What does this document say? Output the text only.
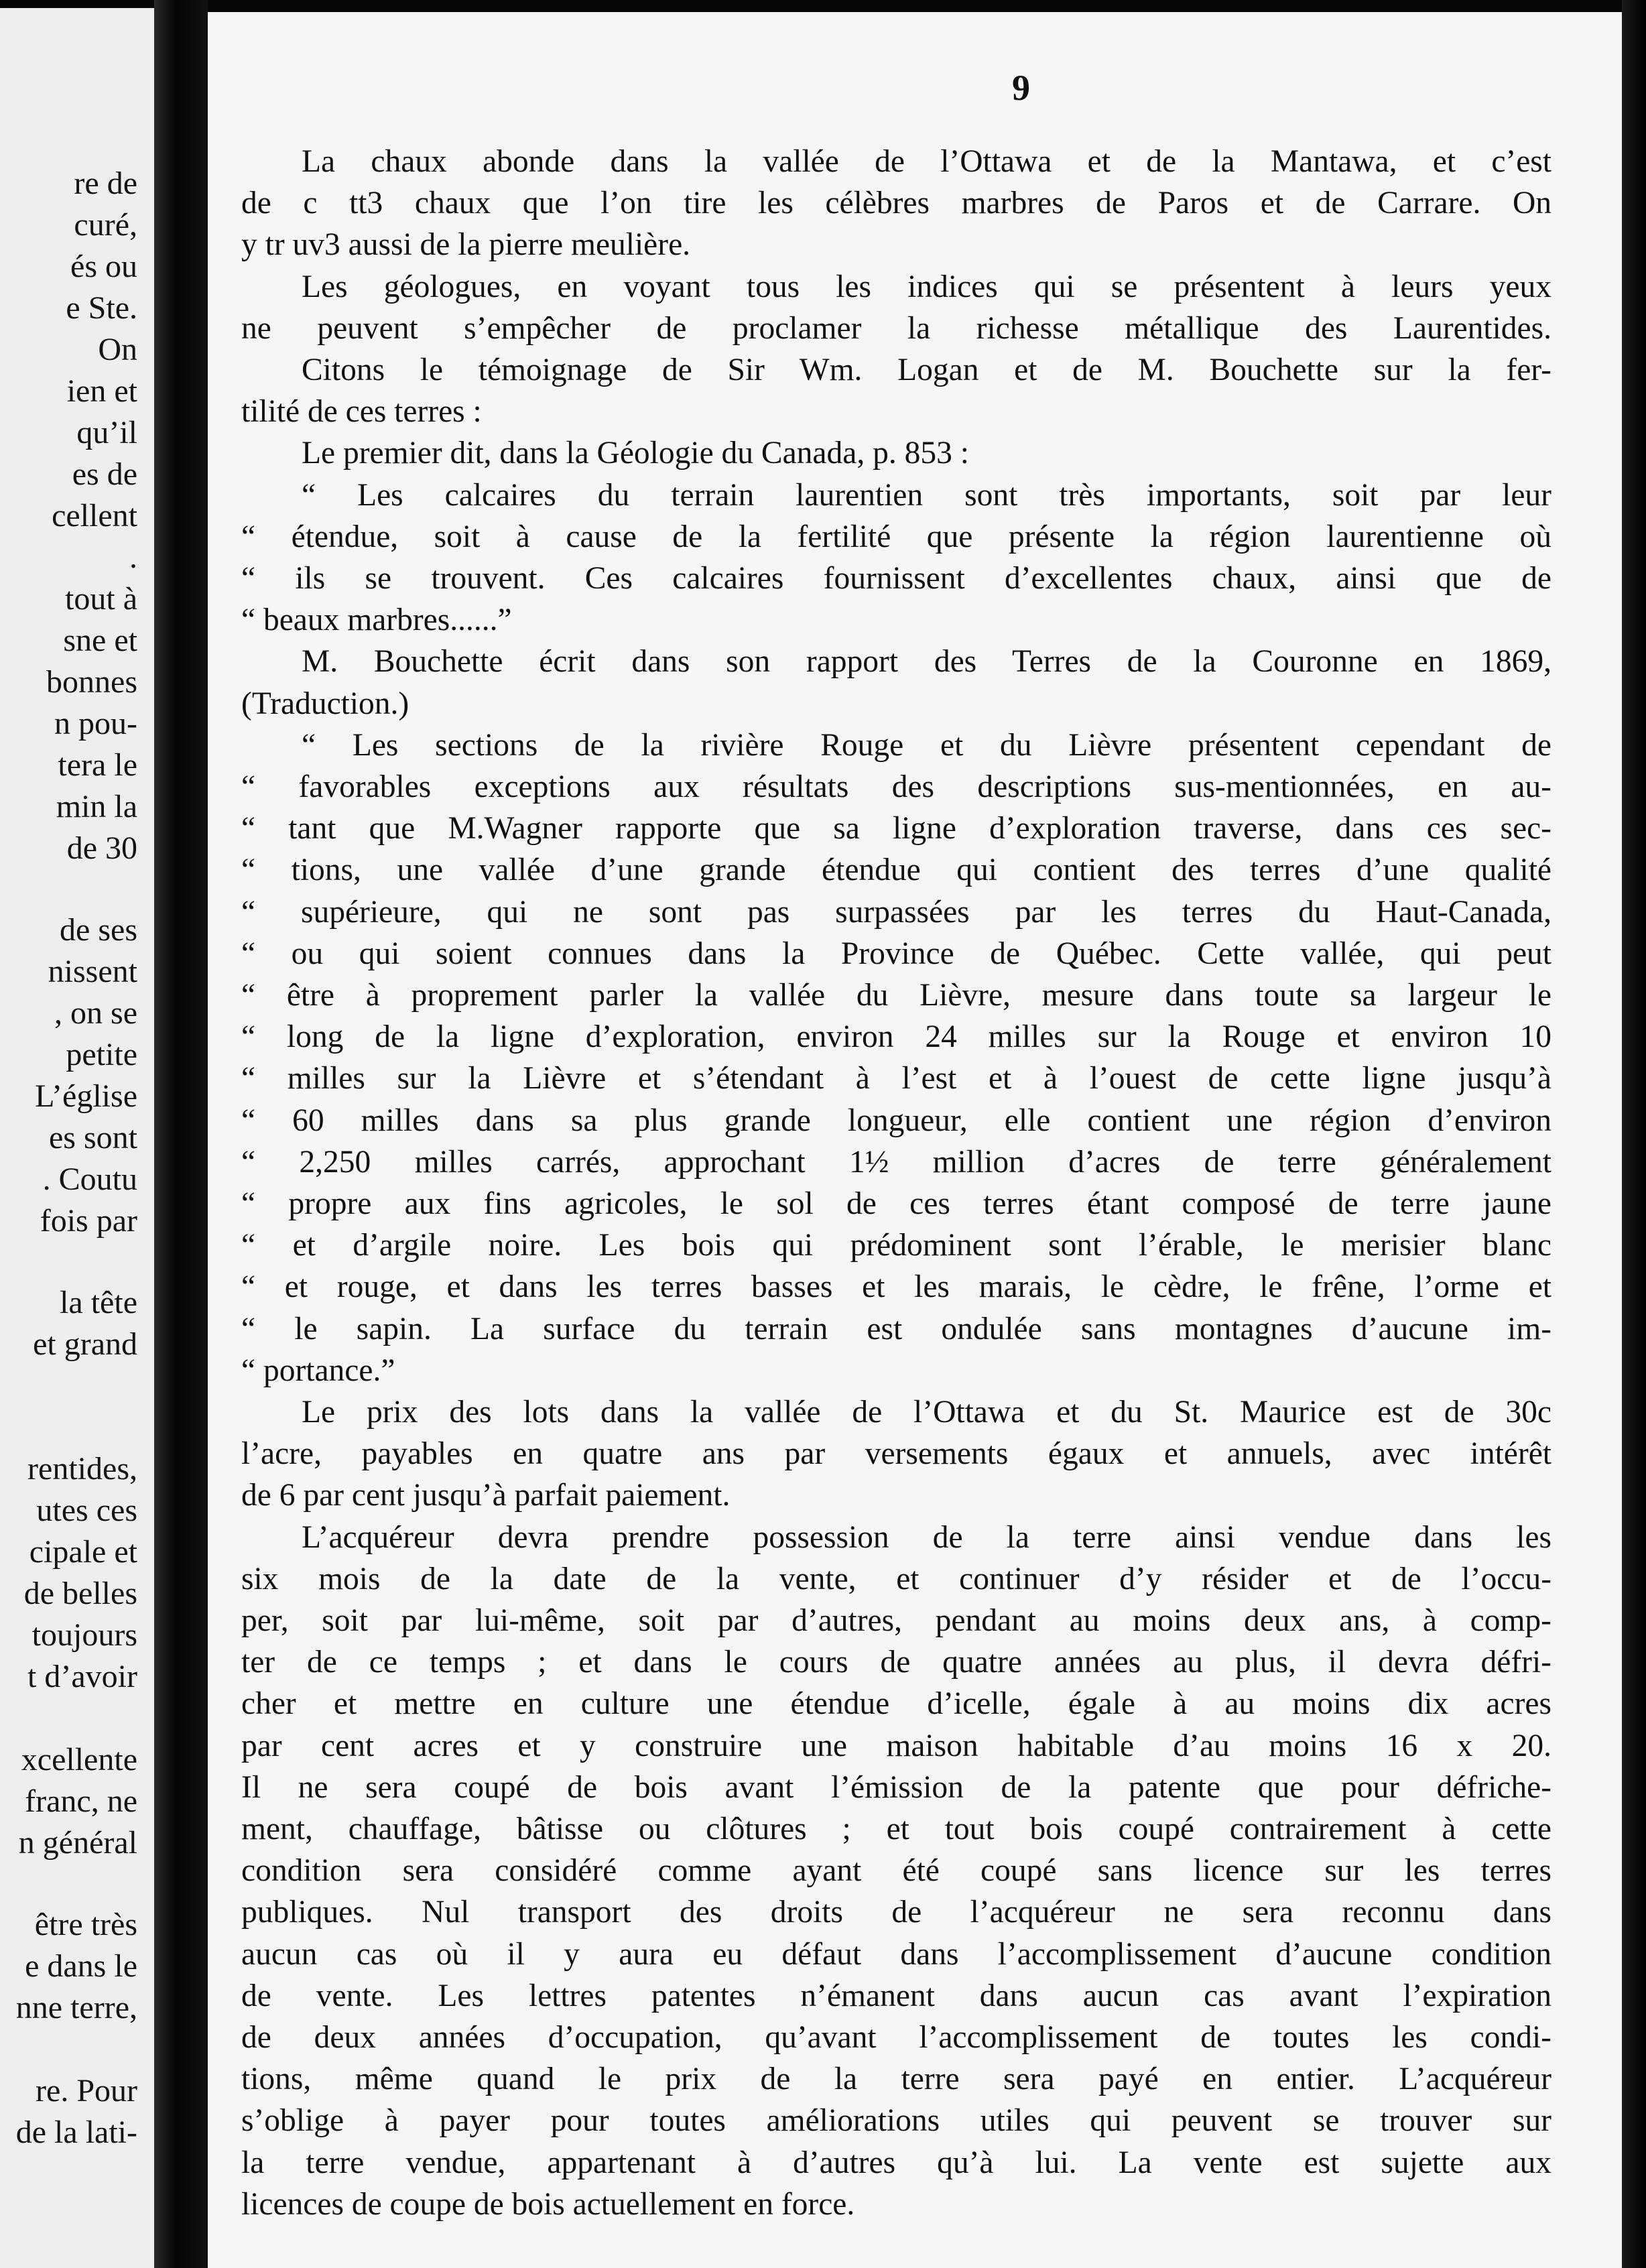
re de
curé,
és ou
e Ste.
On
ien et
qu’il
es de
cellent
.
tout à
sne et
bonnes
n pou-
tera le
min la
de 30
de ses
nissent
, on se
petite
L’église
es sont
. Coutu
fois par
la tête
et grand
rentides,
utes ces
cipale et
de belles
toujours
t d’avoir
xcellente
franc, ne
n général
être très
e dans le
nne terre,
re. Pour
de la lati-
9
La chaux abonde dans la vallée de l’Ottawa et de la Mantawa, et c’est
de c tt3 chaux que l’on tire les célèbres marbres de Paros et de Carrare. On
y tr uv3 aussi de la pierre meulière.
Les géologues, en voyant tous les indices qui se présentent à leurs yeux
ne peuvent s’empêcher de proclamer la richesse métallique des Laurentides.
Citons le témoignage de Sir Wm. Logan et de M. Bouchette sur la fer-
tilité de ces terres :
Le premier dit, dans la Géologie du Canada, p. 853 :
“ Les calcaires du terrain laurentien sont très importants, soit par leur
“ étendue, soit à cause de la fertilité que présente la région laurentienne où
“ ils se trouvent. Ces calcaires fournissent d’excellentes chaux, ainsi que de
“ beaux marbres......”
M. Bouchette écrit dans son rapport des Terres de la Couronne en 1869,
(Traduction.)
“ Les sections de la rivière Rouge et du Lièvre présentent cependant de
“ favorables exceptions aux résultats des descriptions sus-mentionnées, en au-
“ tant que M.Wagner rapporte que sa ligne d’exploration traverse, dans ces sec-
“ tions, une vallée d’une grande étendue qui contient des terres d’une qualité
“ supérieure, qui ne sont pas surpassées par les terres du Haut-Canada,
“ ou qui soient connues dans la Province de Québec. Cette vallée, qui peut
“ être à proprement parler la vallée du Lièvre, mesure dans toute sa largeur le
“ long de la ligne d’exploration, environ 24 milles sur la Rouge et environ 10
“ milles sur la Lièvre et s’étendant à l’est et à l’ouest de cette ligne jusqu’à
“ 60 milles dans sa plus grande longueur, elle contient une région d’environ
“ 2,250 milles carrés, approchant 1½ million d’acres de terre généralement
“ propre aux fins agricoles, le sol de ces terres étant composé de terre jaune
“ et d’argile noire. Les bois qui prédominent sont l’érable, le merisier blanc
“ et rouge, et dans les terres basses et les marais, le cèdre, le frêne, l’orme et
“ le sapin. La surface du terrain est ondulée sans montagnes d’aucune im-
“ portance.”
Le prix des lots dans la vallée de l’Ottawa et du St. Maurice est de 30c
l’acre, payables en quatre ans par versements égaux et annuels, avec intérêt
de 6 par cent jusqu’à parfait paiement.
L’acquéreur devra prendre possession de la terre ainsi vendue dans les
six mois de la date de la vente, et continuer d’y résider et de l’occu-
per, soit par lui-même, soit par d’autres, pendant au moins deux ans, à comp-
ter de ce temps ; et dans le cours de quatre années au plus, il devra défri-
cher et mettre en culture une étendue d’icelle, égale à au moins dix acres
par cent acres et y construire une maison habitable d’au moins 16 x 20.
Il ne sera coupé de bois avant l’émission de la patente que pour défriche-
ment, chauffage, bâtisse ou clôtures ; et tout bois coupé contrairement à cette
condition sera considéré comme ayant été coupé sans licence sur les terres
publiques. Nul transport des droits de l’acquéreur ne sera reconnu dans
aucun cas où il y aura eu défaut dans l’accomplissement d’aucune condition
de vente. Les lettres patentes n’émanent dans aucun cas avant l’expiration
de deux années d’occupation, qu’avant l’accomplissement de toutes les condi-
tions, même quand le prix de la terre sera payé en entier. L’acquéreur
s’oblige à payer pour toutes améliorations utiles qui peuvent se trouver sur
la terre vendue, appartenant à d’autres qu’à lui. La vente est sujette aux
licences de coupe de bois actuellement en force.
